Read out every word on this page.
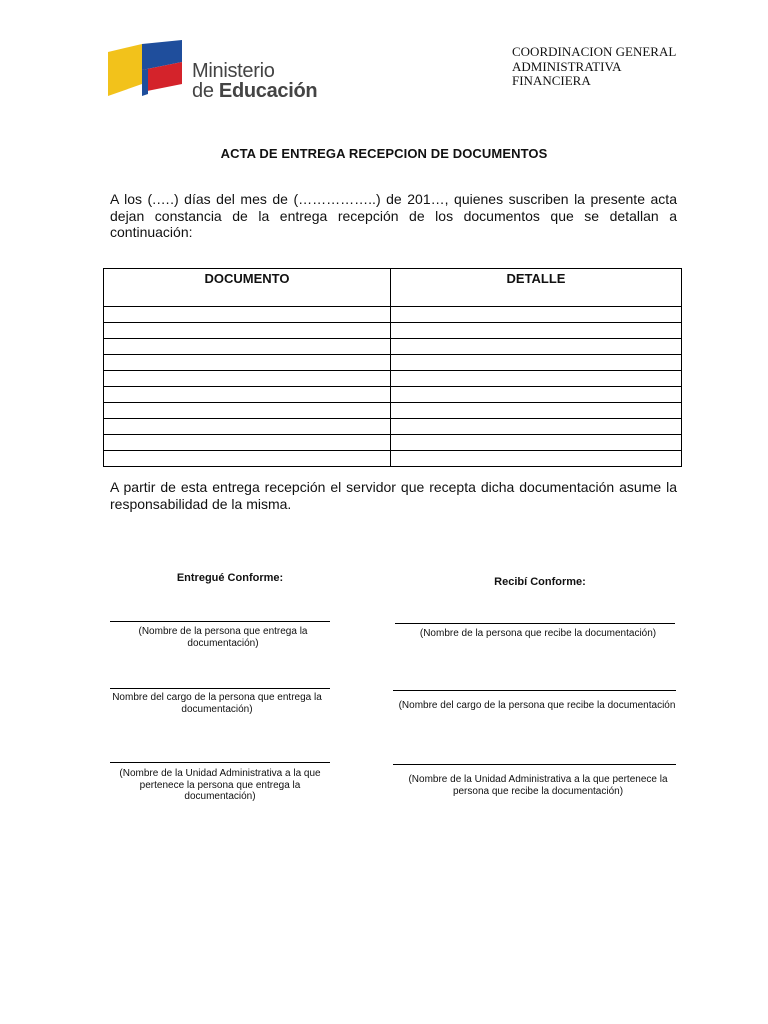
Ministerio
de Educación
COORDINACION GENERAL
ADMINISTRATIVA
FINANCIERA
ACTA DE ENTREGA RECEPCION DE DOCUMENTOS
A los (.….) días del mes de (……………..) de 201…, quienes suscriben la presente acta dejan constancia de la entrega recepción de los documentos que se detallan a continuación:
DOCUMENTO	DETALLE

A partir de esta entrega recepción el servidor que recepta dicha documentación asume la responsabilidad de la misma.
Entregué Conforme:
(Nombre de la persona que entrega la documentación)
Nombre del cargo de la persona que entrega la documentación)
(Nombre de la Unidad Administrativa a la que pertenece la persona que entrega la documentación)
Recibí Conforme:
(Nombre de la persona que recibe la documentación)
(Nombre del cargo de la persona que recibe la documentación
(Nombre de la Unidad Administrativa a la que pertenece la persona que recibe la documentación)
